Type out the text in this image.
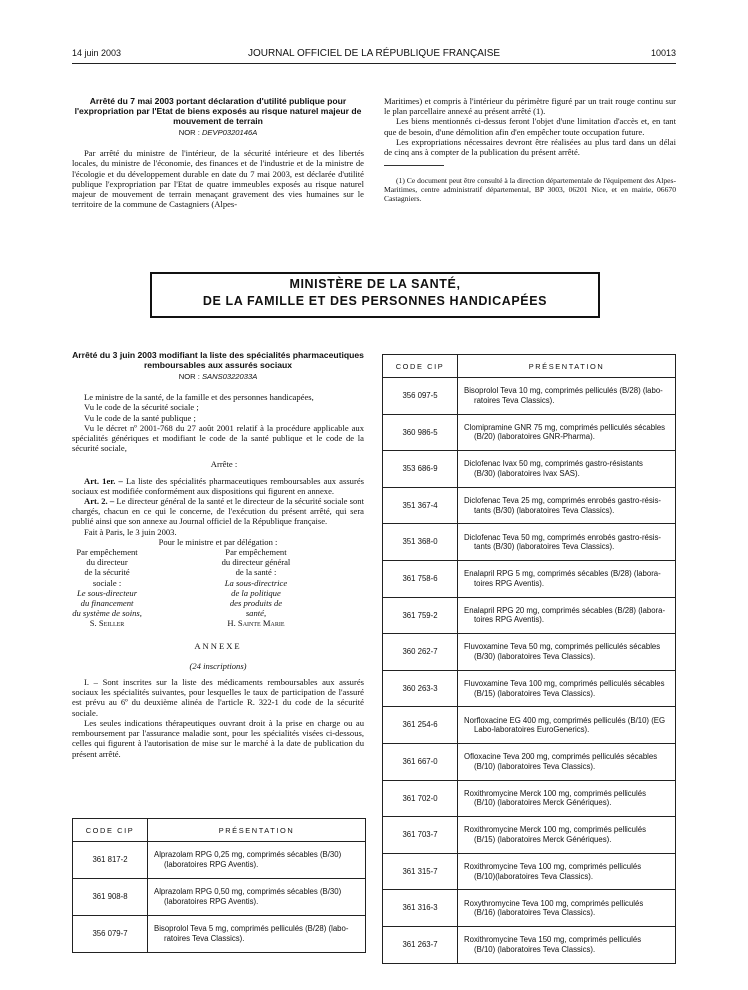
14 juin 2003	JOURNAL OFFICIEL DE LA RÉPUBLIQUE FRANÇAISE	10013
Arrêté du 7 mai 2003 portant déclaration d'utilité publique pour l'expropriation par l'Etat de biens exposés au risque naturel majeur de mouvement de terrain
NOR : DEVP0320146A

Par arrêté du ministre de l'intérieur, de la sécurité intérieure et des libertés locales, du ministre de l'économie, des finances et de l'industrie et de la ministre de l'écologie et du développement durable en date du 7 mai 2003, est déclarée d'utilité publique l'expropriation par l'Etat de quatre immeubles exposés au risque naturel majeur de mouvement de terrain menaçant gravement des vies humaines sur le territoire de la commune de Castagniers (Alpes-

Maritimes) et compris à l'intérieur du périmètre figuré par un trait rouge continu sur le plan parcellaire annexé au présent arrêté (1).

Les biens mentionnés ci-dessus feront l'objet d'une limitation d'accès et, en tant que de besoin, d'une démolition afin d'en empêcher toute occupation future.

Les expropriations nécessaires devront être réalisées au plus tard dans un délai de cinq ans à compter de la publication du présent arrêté.

(1) Ce document peut être consulté à la direction départementale de l'équipement des Alpes-Maritimes, centre administratif départemental, BP 3003, 06201 Nice, et en mairie, 06670 Castagniers.

MINISTÈRE DE LA SANTÉ,
DE LA FAMILLE ET DES PERSONNES HANDICAPÉES
Arrêté du 3 juin 2003 modifiant la liste des spécialités pharmaceutiques remboursables aux assurés sociaux
NOR : SANS0322033A

Le ministre de la santé, de la famille et des personnes handicapées,

Vu le code de la sécurité sociale ;

Vu le code de la santé publique ;

Vu le décret nº 2001-768 du 27 août 2001 relatif à la procédure applicable aux spécialités génériques et modifiant le code de la santé publique et le code de la sécurité sociale,

Arrête :

Art. 1er. – La liste des spécialités pharmaceutiques remboursables aux assurés sociaux est modifiée conformément aux dispositions qui figurent en annexe.

Art. 2. – Le directeur général de la santé et le directeur de la sécurité sociale sont chargés, chacun en ce qui le concerne, de l'exécution du présent arrêté, qui sera publié ainsi que son annexe au Journal officiel de la République française.

Fait à Paris, le 3 juin 2003.

Pour le ministre et par délégation :

Par empêchement du directeur
de la sécurité sociale :
Le sous-directeur
du financement
du système de soins,
S. Seiller
Par empêchement
du directeur général de la santé :
La sous-directrice
de la politique
des produits de santé,
H. Sainte Marie

ANNEXE

(24 inscriptions)

I. – Sont inscrites sur la liste des médicaments remboursables aux assurés sociaux les spécialités suivantes, pour lesquelles le taux de participation de l'assuré est prévu au 6º du deuxième alinéa de l'article R. 322-1 du code de la sécurité sociale.

Les seules indications thérapeutiques ouvrant droit à la prise en charge ou au remboursement par l'assurance maladie sont, pour les spécialités visées ci-dessous, celles qui figurent à l'autorisation de mise sur le marché à la date de publication du présent arrêté.

CODE CIP	PRÉSENTATION
361 817-2	Alprazolam RPG 0,25 mg, comprimés sécables (B/30)
(laboratoires RPG Aventis).

361 908-8	Alprazolam RPG 0,50 mg, comprimés sécables (B/30)
(laboratoires RPG Aventis).

356 079-7	Bisoprolol Teva 5 mg, comprimés pelliculés (B/28) (labo-
ratoires Teva Classics).
CODE CIP	PRÉSENTATION
356 097-5	Bisoprolol Teva 10 mg, comprimés pelliculés (B/28) (labo-
ratoires Teva Classics).

360 986-5	Clomipramine GNR 75 mg, comprimés pelliculés sécables
(B/20) (laboratoires GNR-Pharma).

353 686-9	Diclofenac Ivax 50 mg, comprimés gastro-résistants
(B/30) (laboratoires Ivax SAS).

351 367-4	Diclofenac Teva 25 mg, comprimés enrobés gastro-résis-
tants (B/30) (laboratoires Teva Classics).

351 368-0	Diclofenac Teva 50 mg, comprimés enrobés gastro-résis-
tants (B/30) (laboratoires Teva Classics).

361 758-6	Enalapril RPG 5 mg, comprimés sécables (B/28) (labora-
toires RPG Aventis).

361 759-2	Enalapril RPG 20 mg, comprimés sécables (B/28) (labora-
toires RPG Aventis).

360 262-7	Fluvoxamine Teva 50 mg, comprimés pelliculés sécables
(B/30) (laboratoires Teva Classics).

360 263-3	Fluvoxamine Teva 100 mg, comprimés pelliculés sécables
(B/15) (laboratoires Teva Classics).

361 254-6	Norfloxacine EG 400 mg, comprimés pelliculés (B/10) (EG
Labo-laboratoires EuroGenerics).

361 667-0	Ofloxacine Teva 200 mg, comprimés pelliculés sécables
(B/10) (laboratoires Teva Classics).

361 702-0	Roxithromycine Merck 100 mg, comprimés pelliculés
(B/10) (laboratoires Merck Génériques).

361 703-7	Roxithromycine Merck 100 mg, comprimés pelliculés
(B/15) (laboratoires Merck Génériques).

361 315-7	Roxithromycine Teva 100 mg, comprimés pelliculés
(B/10)(laboratoires Teva Classics).

361 316-3	Roxythromycine Teva 100 mg, comprimés pelliculés
(B/16) (laboratoires Teva Classics).

361 263-7	Roxithromycine Teva 150 mg, comprimés pelliculés
(B/10) (laboratoires Teva Classics).
